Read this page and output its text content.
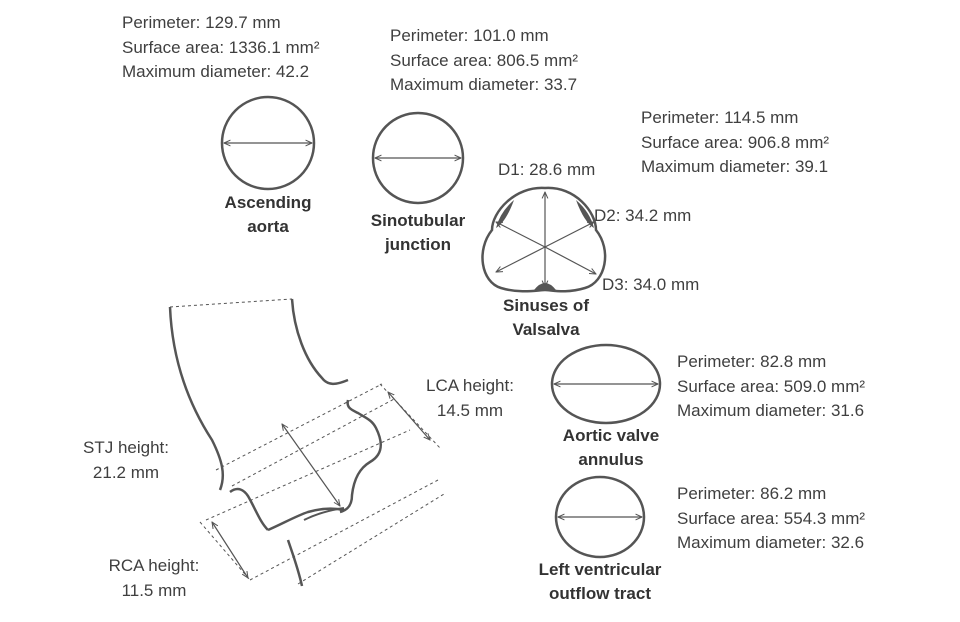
Perimeter: 129.7 mm
Surface area: 1336.1 mm²
Maximum diameter: 42.2
Perimeter: 101.0 mm
Surface area: 806.5 mm²
Maximum diameter: 33.7
Perimeter: 114.5 mm
Surface area: 906.8 mm²
Maximum diameter: 39.1
D1: 28.6 mm
D2: 34.2 mm
D3: 34.0 mm
Perimeter: 82.8 mm
Surface area: 509.0 mm²
Maximum diameter: 31.6
Perimeter: 86.2 mm
Surface area: 554.3 mm²
Maximum diameter: 32.6
Ascending
aorta	Sinotubular
junction
Sinuses of
Valsalva
Aortic valve
annulus
Left ventricular
outflow tract
LCA height:
14.5 mm
STJ height:
21.2 mm
RCA height:
11.5 mm
